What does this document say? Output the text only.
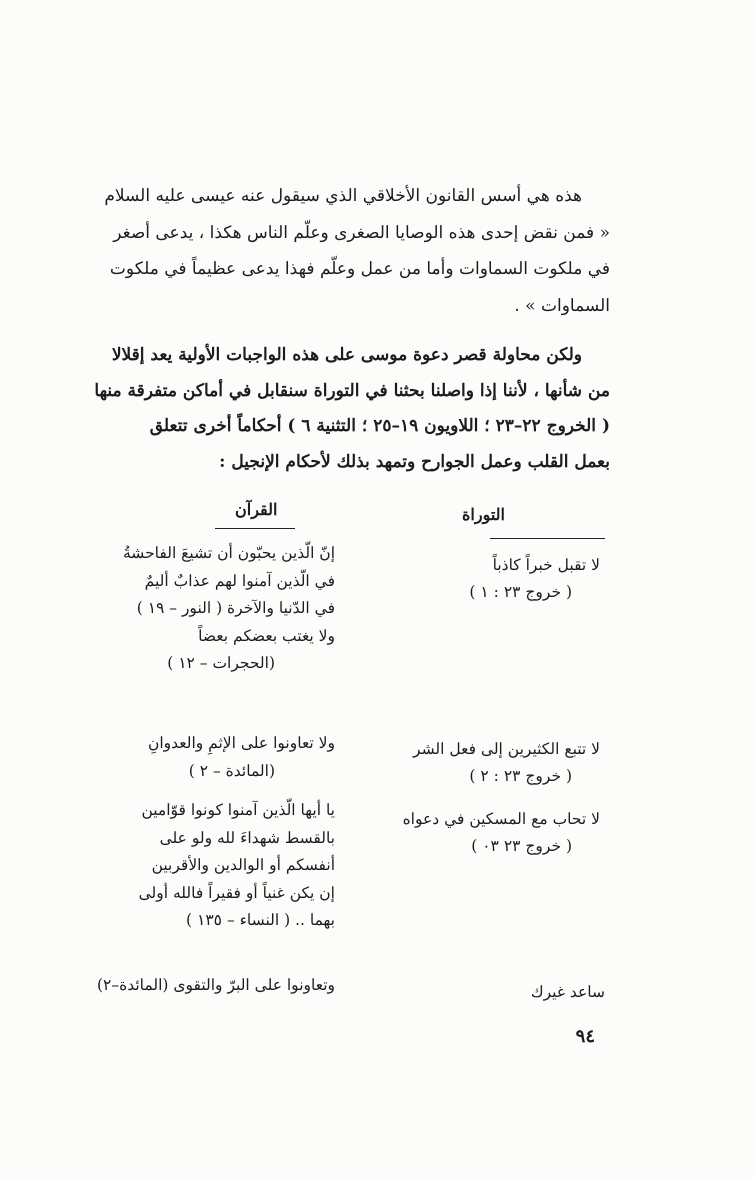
هذه هي أسس القانون الأخلاقي الذي سيقول عنه عيسى عليه السلام
« فمن نقض إحدى هذه الوصايا الصغرى وعلّم الناس هكذا ، يدعى أصغر
في ملكوت السماوات وأما من عمل وعلّم فهذا يدعى عظيماً في ملكوت
السماوات » .
ولكن محاولة قصر دعوة موسى على هذه الواجبات الأولية يعد إقلالا
من شأنها ، لأننا إذا واصلنا بحثنا في التوراة سنقابل في أماكن متفرقة منها
( الخروج ٢٢–٢٣ ؛ اللاويون ١٩–٢٥ ؛ التثنية ٦ ) أحكاماً أخرى تتعلق
بعمل القلب وعمل الجوارح وتمهد بذلك لأحكام الإنجيل :
التوراة
القرآن
لا تقبل خبراً كاذباً
( خروج ٢٣ : ١ )
لا تتبع الكثيرين إلى فعل الشر
( خروج ٢٣ : ٢ )
لا تحاب مع المسكين في دعواه
( خروج ٢٣ ٠٣ )
إنّ الّذين يحبّون أن تشيعَ الفاحشةُ
في الّذين آمنوا لهم عذابٌ أليمٌ
في الدّنيا والآخرة ( النور – ١٩ )
ولا يغتب بعضكم بعضاً
(الحجرات – ١٢ )
ولا تعاونوا على الإثمِ والعدوانِ
(المائدة – ٢ )
يا أيها الّذين آمنوا كونوا قوّامين
بالقسط شهداءَ لله ولو على
أنفسكم أو الوالدين والأقربين
إن يكن غنياً أو فقيراً فالله أولى
بهما .. ( النساء – ١٣٥ )
وتعاونوا على البرّ والتقوى (المائدة–٢)	ساعد غيرك
٩٤
